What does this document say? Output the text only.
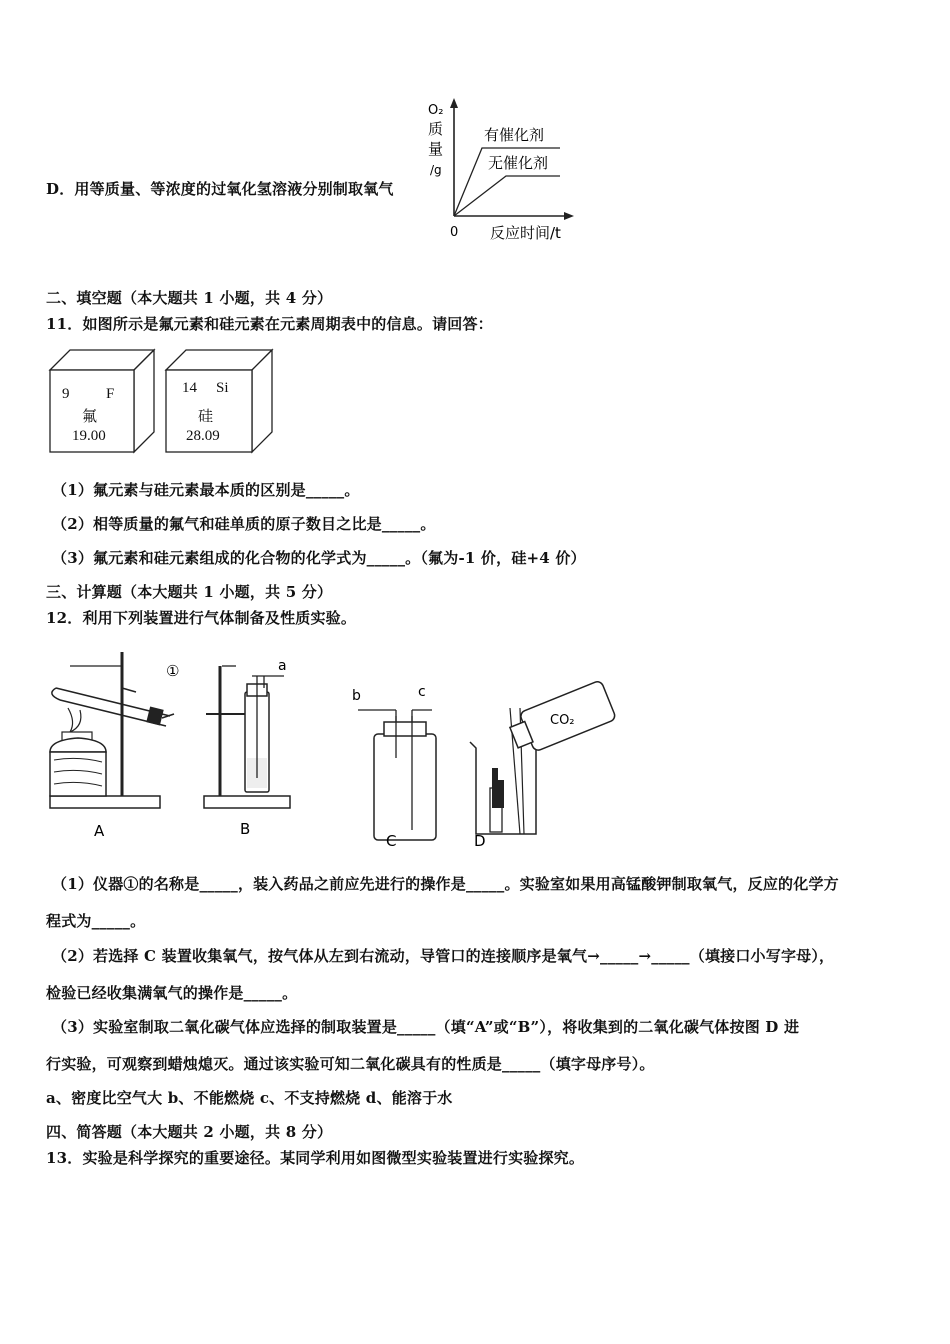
D．用等质量、等浓度的过氧化氢溶液分别制取氧气
O₂
质
量
/g
0 反应时间/t
有催化剂
无催化剂
二、填空题（本大题共 1 小题，共 4 分）
11．如图所示是氟元素和硅元素在元素周期表中的信息。请回答：
9 F
氟
19.00
14 Si
硅
28.09
（1）氟元素与硅元素最本质的区别是_____。
（2）相等质量的氟气和硅单质的原子数目之比是_____。
（3）氟元素和硅元素组成的化合物的化学式为_____。（氟为-1 价，硅+4 价）
三、计算题（本大题共 1 小题，共 5 分）
12．利用下列装置进行气体制备及性质实验。
①	a
b	c
CO₂
A	B
C	D
（1）仪器①的名称是_____，装入药品之前应先进行的操作是_____。实验室如果用高锰酸钾制取氧气，反应的化学方
程式为_____。
（2）若选择 C 装置收集氧气，按气体从左到右流动，导管口的连接顺序是氧气→_____→_____（填接口小写字母），
检验已经收集满氧气的操作是_____。
（3）实验室制取二氧化碳气体应选择的制取装置是_____（填“A”或“B”），将收集到的二氧化碳气体按图 D 进
行实验，可观察到蜡烛熄灭。通过该实验可知二氧化碳具有的性质是_____（填字母序号）。
a、密度比空气大 b、不能燃烧 c、不支持燃烧 d、能溶于水
四、简答题（本大题共 2 小题，共 8 分）
13．实验是科学探究的重要途径。某同学利用如图微型实验装置进行实验探究。
